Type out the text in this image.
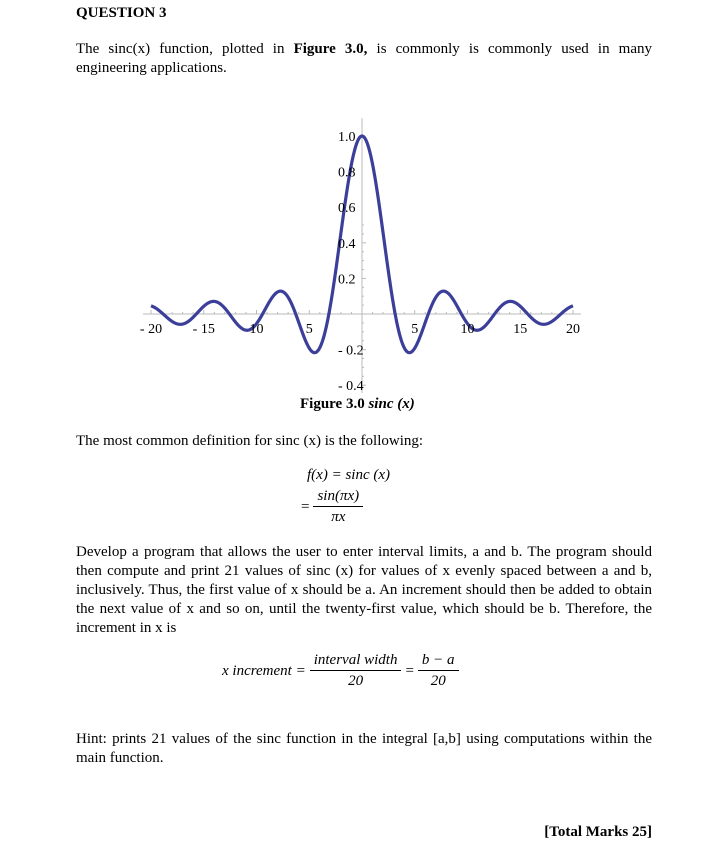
QUESTION 3
The sinc(x) function, plotted in Figure 3.0, is commonly is commonly used in many engineering applications.
- 20 - 15 10	5	5	10	15	20
1.0
0.8
0.6
0.4
0.2
- 0.2
- 0.4
Figure 3.0 sinc (x)
The most common definition for sinc (x) is the following:
f(x) = sinc (x)
= $\frac{\sin(\pi x)}{\pi x}$
Develop a program that allows the user to enter interval limits, a and b. The program should then compute and print 21 values of sinc (x) for values of x evenly spaced between a and b, inclusively. Thus, the first value of x should be a. An increment should then be added to obtain the next value of x and so on, until the twenty-first value, which should be b. Therefore, the increment in x is
x increment = $\frac{\text{interval width}}{20} = \frac{b - a}{20}$
Hint: prints 21 values of the sinc function in the integral [a,b] using computations within the main function.
[Total Marks 25]
